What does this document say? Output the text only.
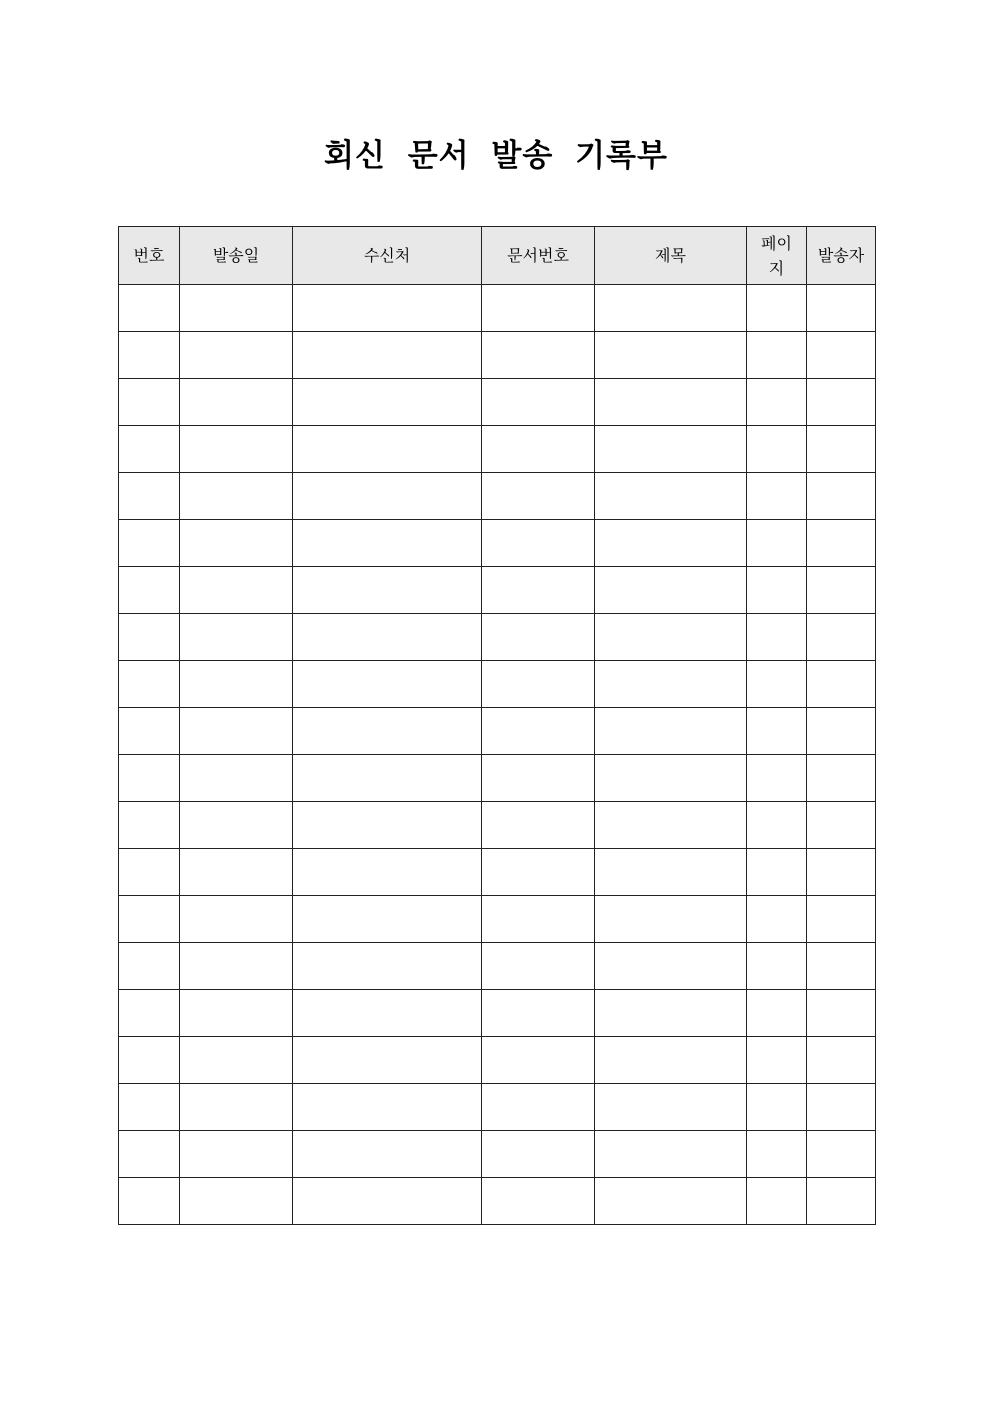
회신 문서 발송 기록부
번호	발송일	수신처	문서번호	제목	페이지	발송자
